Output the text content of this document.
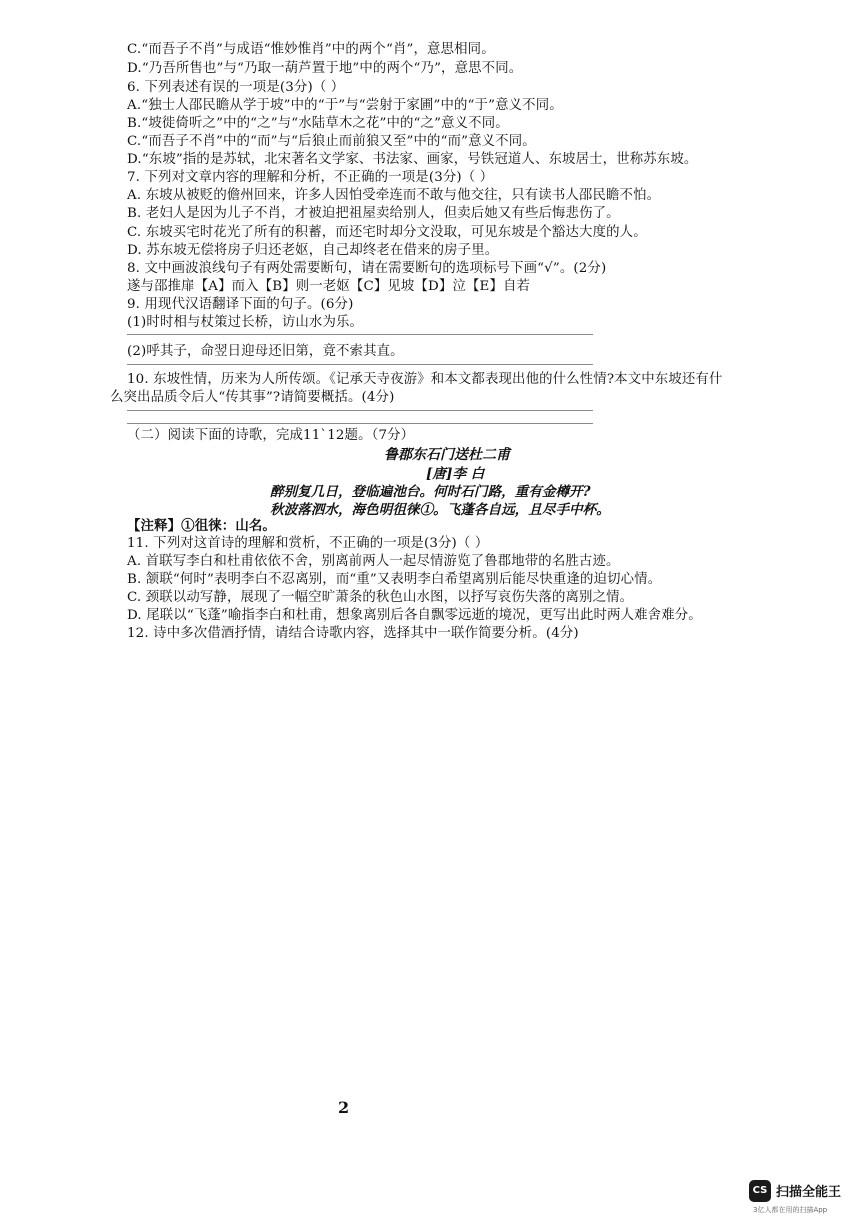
C.“而吾子不肖”与成语“惟妙惟肖”中的两个“肖”，意思相同。
D.“乃吾所售也”与“乃取一葫芦置于地”中的两个“乃”，意思不同。
6. 下列表述有误的一项是(3分)（ ）
A.“独士人邵民瞻从学于坡”中的“于”与“尝射于家圃”中的“于”意义不同。
B.“坡徙倚听之”中的“之”与“水陆草木之花”中的“之”意义不同。
C.“而吾子不肖”中的“而”与“后狼止而前狼又至”中的“而”意义不同。
D.“东坡”指的是苏轼，北宋著名文学家、书法家、画家，号铁冠道人、东坡居士，世称苏东坡。
7. 下列对文章内容的理解和分析，不正确的一项是(3分)（ ）
A. 东坡从被贬的儋州回来，许多人因怕受牵连而不敢与他交往，只有读书人邵民瞻不怕。
B. 老妇人是因为儿子不肖，才被迫把祖屋卖给别人，但卖后她又有些后悔悲伤了。
C. 东坡买宅时花光了所有的积蓄，而还宅时却分文没取，可见东坡是个豁达大度的人。
D. 苏东坡无偿将房子归还老妪，自己却终老在借来的房子里。
8. 文中画波浪线句子有两处需要断句，请在需要断句的选项标号下画“√”。(2分)
遂与邵推扉【A】而入【B】则一老妪【C】见坡【D】泣【E】自若
9. 用现代汉语翻译下面的句子。(6分)
(1)时时相与杖策过长桥，访山水为乐。
(2)呼其子，命翌日迎母还旧第，竟不索其直。
10. 东坡性情，历来为人所传颂。《记承天寺夜游》和本文都表现出他的什么性情?本文中东坡还有什
么突出品质令后人“传其事”?请简要概括。(4分)
（二）阅读下面的诗歌，完成11`12题。（7分）
鲁郡东石门送杜二甫
[唐]李 白
醉别复几日，登临遍池台。何时石门路，重有金樽开?
秋波落泗水，海色明徂徕①。飞蓬各自远，且尽手中杯。
【注释】①徂徕：山名。
11. 下列对这首诗的理解和赏析，不正确的一项是(3分)（ ）
A. 首联写李白和杜甫依依不舍，别离前两人一起尽情游览了鲁郡地带的名胜古迹。
B. 颔联“何时”表明李白不忍离别，而“重”又表明李白希望离别后能尽快重逢的迫切心情。
C. 颈联以动写静，展现了一幅空旷萧条的秋色山水图，以抒写哀伤失落的离别之情。
D. 尾联以“飞蓬”喻指李白和杜甫，想象离别后各自飘零远逝的境况，更写出此时两人难舍难分。
12. 诗中多次借酒抒情，请结合诗歌内容，选择其中一联作简要分析。(4分)
2
CS 扫描全能王
3亿人都在用的扫描App
